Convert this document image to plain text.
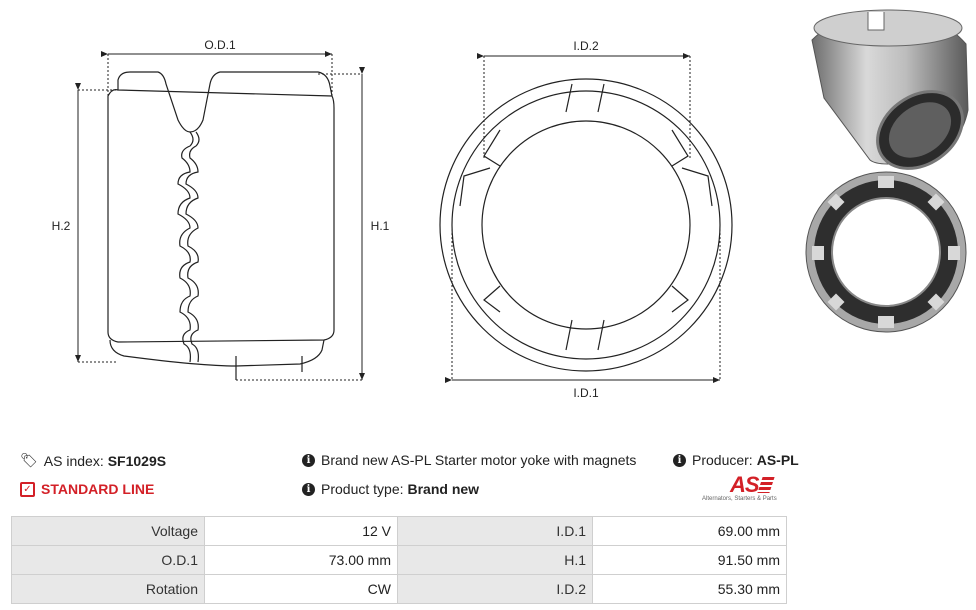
O.D.1
H.2	H.1
I.D.2
I.D.1
🏷 AS index: SF1029S
✓ STANDARD LINE
i Brand new AS-PL Starter motor yoke with magnets
i Product type: Brand new
i Producer: AS-PL
AS
Alternators, Starters & Parts
Voltage	12 V	I.D.1	69.00 mm
O.D.1	73.00 mm	H.1	91.50 mm
Rotation	CW	I.D.2	55.30 mm
